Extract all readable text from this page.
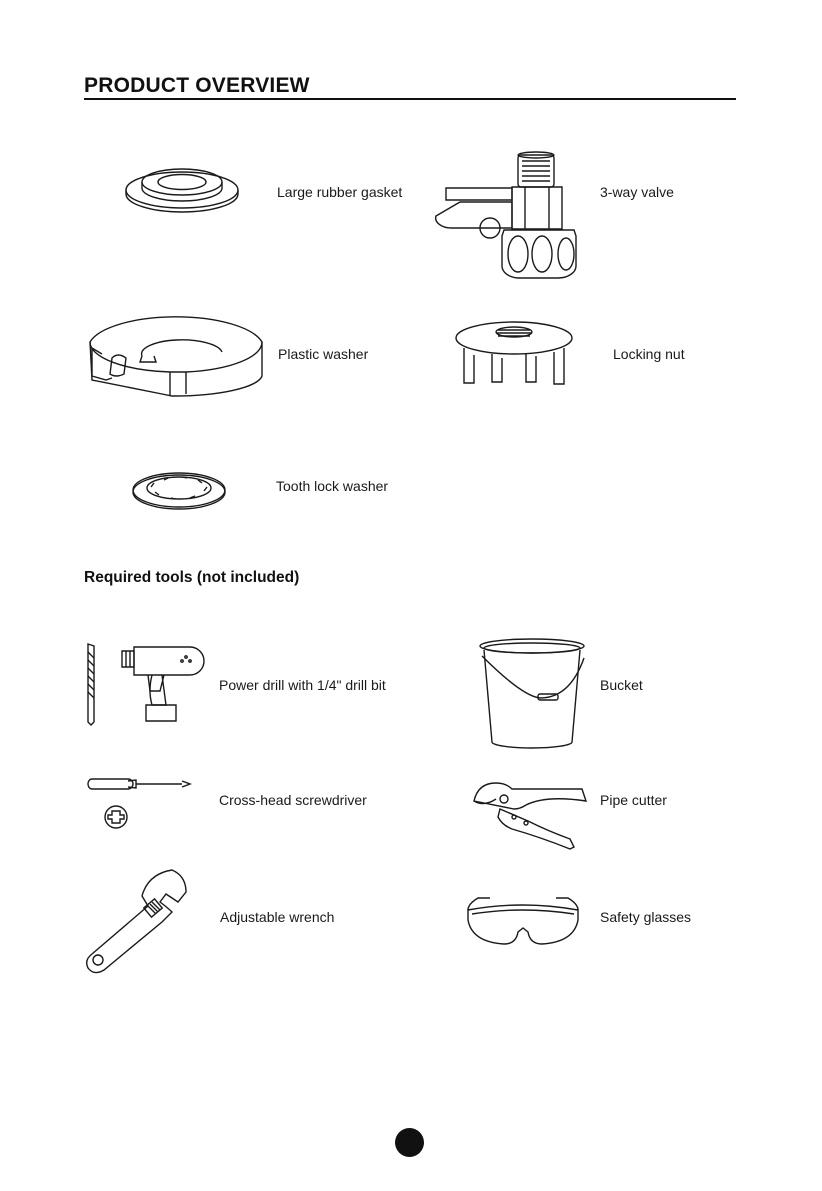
PRODUCT OVERVIEW
Large rubber gasket	3-way valve
Plastic washer	Locking nut
Tooth lock washer
Required tools (not included)
Power drill with 1/4" drill bit	Bucket
Cross-head screwdriver	Pipe cutter
Adjustable wrench	Safety glasses
